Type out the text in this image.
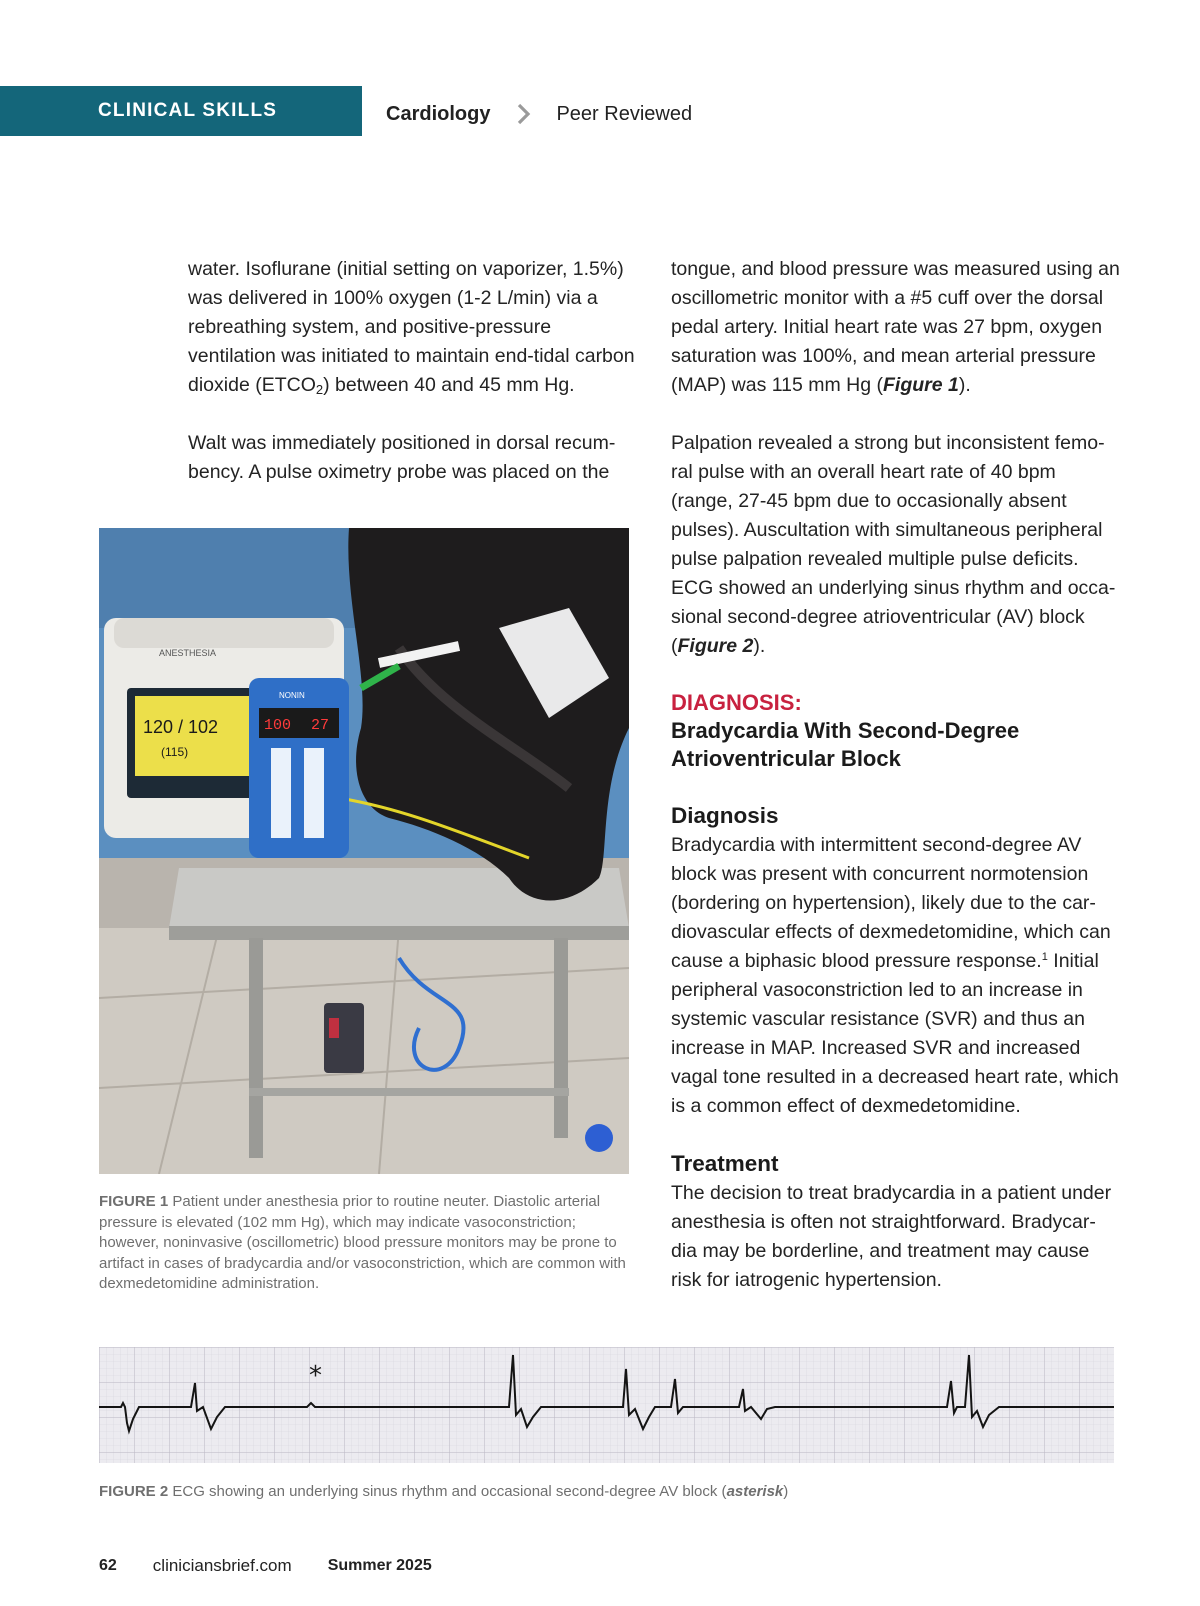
CLINICAL SKILLS	Cardiology	Peer Reviewed

water. Isoflurane (initial setting on vaporizer, 1.5%) was delivered in 100% oxygen (1-2 L/min) via a rebreathing system, and positive-pressure ventilation was initiated to maintain end-tidal carbon dioxide $(ETCO_2)$ between 40 and 45 mm Hg.

Walt was immediately positioned in dorsal recum-bency. A pulse oximetry probe was placed on the

tongue, and blood pressure was measured using an oscillometric monitor with a #5 cuff over the dorsal pedal artery. Initial heart rate was 27 bpm, oxygen saturation was 100%, and mean arterial pressure (MAP) was 115 mm Hg (Figure 1).

Palpation revealed a strong but inconsistent femo-ral pulse with an overall heart rate of 40 bpm (range, 27-45 bpm due to occasionally absent pulses). Auscultation with simultaneous peripheral pulse palpation revealed multiple pulse deficits. ECG showed an underlying sinus rhythm and occa-sional second-degree atrioventricular (AV) block (Figure 2).

DIAGNOSIS:

Bradycardia With Second-Degree Atrioventricular Block

Diagnosis

Bradycardia with intermittent second-degree AV block was present with concurrent normotension (bordering on hypertension), likely due to the car-diovascular effects of dexmedetomidine, which can cause a biphasic blood pressure response.$^1$ Initial peripheral vasoconstriction led to an increase in systemic vascular resistance (SVR) and thus an increase in MAP. Increased SVR and increased vagal tone resulted in a decreased heart rate, which is a common effect of dexmedetomidine.

Treatment

The decision to treat bradycardia in a patient under anesthesia is often not straightforward. Bradycar-dia may be borderline, and treatment may cause risk for iatrogenic hypertension.

120 / 102
(115)
ANESTHESIA
100 27
NONIN
FIGURE 1 Patient under anesthesia prior to routine neuter. Diastolic arterial pressure is elevated (102 mm Hg), which may indicate vasoconstriction; however, noninvasive (oscillometric) blood pressure monitors may be prone to artifact in cases of bradycardia and/or vasoconstriction, which are common with dexmedetomidine administration.
*
FIGURE 2 ECG showing an underlying sinus rhythm and occasional second-degree AV block (asterisk)
62 cliniciansbrief.com Summer 2025
